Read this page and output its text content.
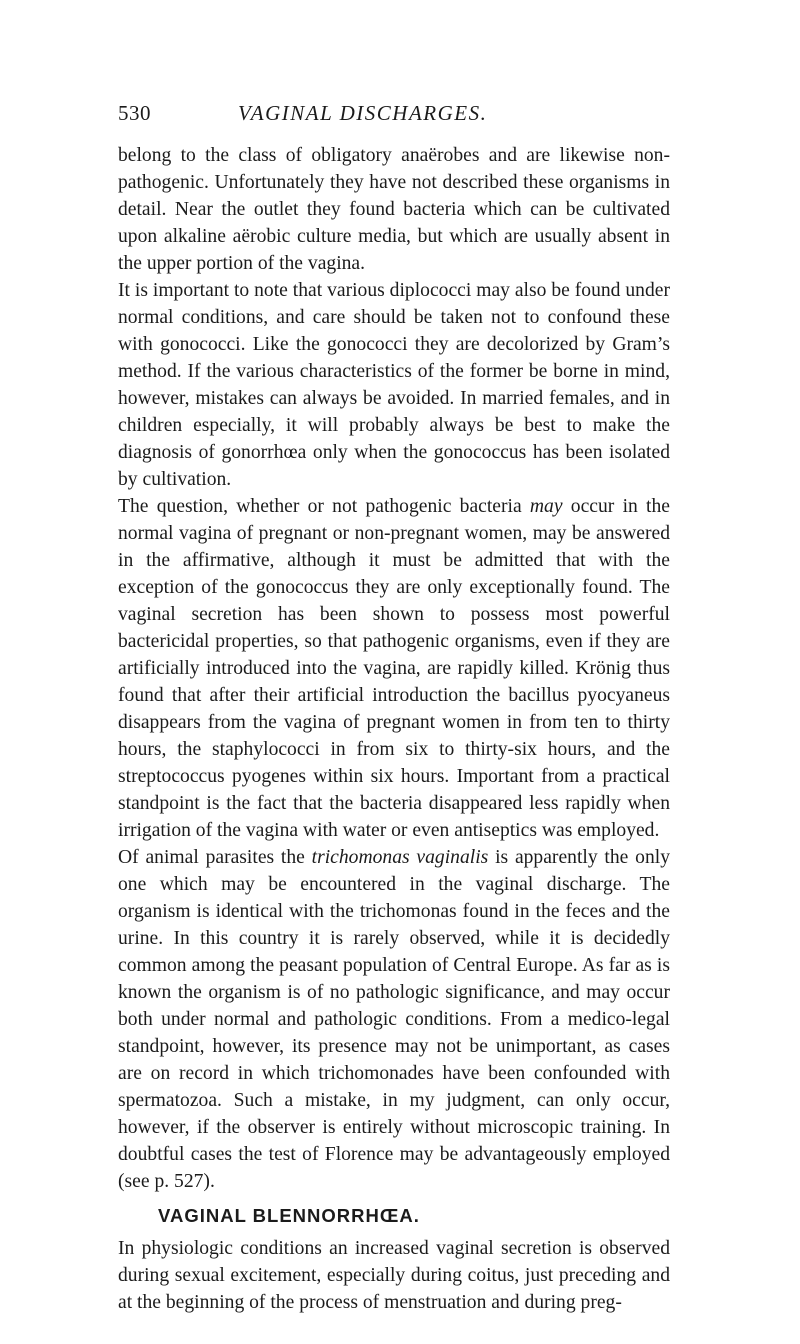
530	VAGINAL DISCHARGES.

belong to the class of obligatory anaërobes and are likewise non-pathogenic. Unfortunately they have not described these organisms in detail. Near the outlet they found bacteria which can be cultivated upon alkaline aërobic culture media, but which are usually absent in the upper portion of the vagina.

It is important to note that various diplococci may also be found under normal conditions, and care should be taken not to confound these with gonococci. Like the gonococci they are decolorized by Gram’s method. If the various characteristics of the former be borne in mind, however, mistakes can always be avoided. In married females, and in children especially, it will probably always be best to make the diagnosis of gonorrhœa only when the gonococcus has been isolated by cultivation.

The question, whether or not pathogenic bacteria may occur in the normal vagina of pregnant or non-pregnant women, may be answered in the affirmative, although it must be admitted that with the exception of the gonococcus they are only exceptionally found. The vaginal secretion has been shown to possess most powerful bactericidal properties, so that pathogenic organisms, even if they are artificially introduced into the vagina, are rapidly killed. Krönig thus found that after their artificial introduction the bacillus pyocyaneus disappears from the vagina of pregnant women in from ten to thirty hours, the staphylococci in from six to thirty-six hours, and the streptococcus pyogenes within six hours. Important from a practical standpoint is the fact that the bacteria disappeared less rapidly when irrigation of the vagina with water or even antiseptics was employed.

Of animal parasites the trichomonas vaginalis is apparently the only one which may be encountered in the vaginal discharge. The organism is identical with the trichomonas found in the feces and the urine. In this country it is rarely observed, while it is decidedly common among the peasant population of Central Europe. As far as is known the organism is of no pathologic significance, and may occur both under normal and pathologic conditions. From a medico-legal standpoint, however, its presence may not be unimportant, as cases are on record in which trichomonades have been confounded with spermatozoa. Such a mistake, in my judgment, can only occur, however, if the observer is entirely without microscopic training. In doubtful cases the test of Florence may be advantageously employed (see p. 527).

VAGINAL BLENNORRHŒA.

In physiologic conditions an increased vaginal secretion is observed during sexual excitement, especially during coitus, just preceding and at the beginning of the process of menstruation and during preg-
